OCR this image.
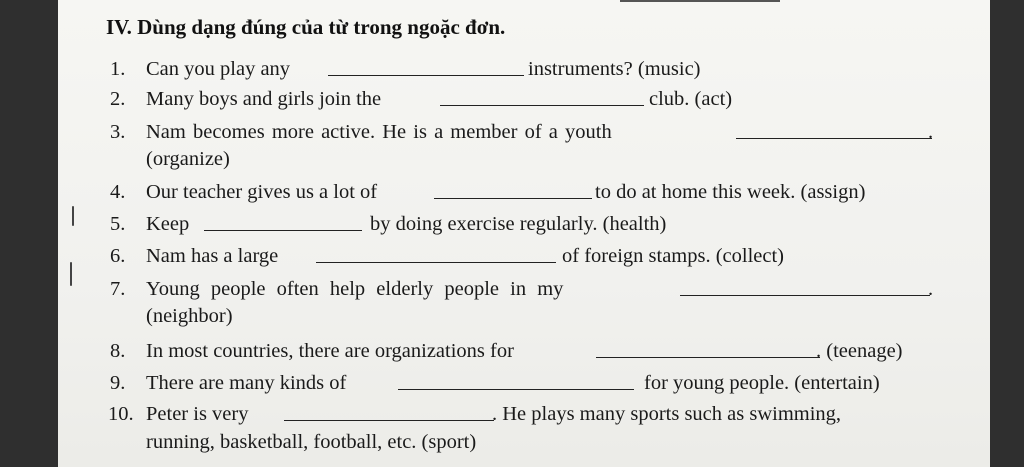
IV. Dùng dạng đúng của từ trong ngoặc đơn.
1. Can you play any	instruments? (music)
2. Many boys and girls join the	club. (act)
3. Nam becomes more active. He is a member of a youth	.
(organize)
4. Our teacher gives us a lot of	to do at home this week. (assign)
5. Keep	by doing exercise regularly. (health)
6. Nam has a large	of foreign stamps. (collect)
7. Young people often help elderly people in my	.
(neighbor)
8. In most countries, there are organizations for	. (teenage)
9. There are many kinds of	for young people. (entertain)
10. Peter is very	. He plays many sports such as swimming,
running, basketball, football, etc. (sport)
